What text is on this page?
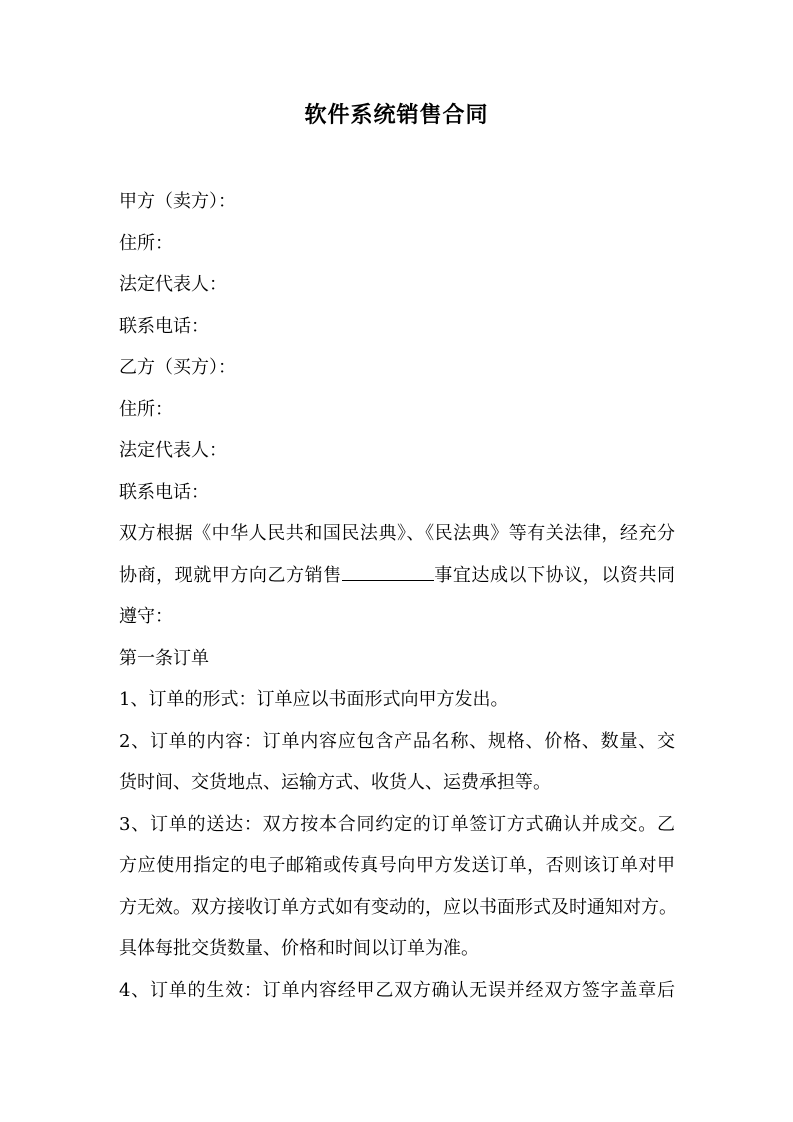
软件系统销售合同
甲方（卖方）：
住所：
法定代表人：
联系电话：
乙方（买方）：
住所：
法定代表人：
联系电话：
双方根据《中华人民共和国民法典》、《民法典》等有关法律，经充分
协商，现就甲方向乙方销售	事宜达成以下协议，以资共同
遵守：
第一条订单
1、订单的形式：订单应以书面形式向甲方发出。
2、订单的内容：订单内容应包含产品名称、规格、价格、数量、交
货时间、交货地点、运输方式、收货人、运费承担等。
3、订单的送达：双方按本合同约定的订单签订方式确认并成交。乙
方应使用指定的电子邮箱或传真号向甲方发送订单，否则该订单对甲
方无效。双方接收订单方式如有变动的，应以书面形式及时通知对方。
具体每批交货数量、价格和时间以订单为准。
4、订单的生效：订单内容经甲乙双方确认无误并经双方签字盖章后
